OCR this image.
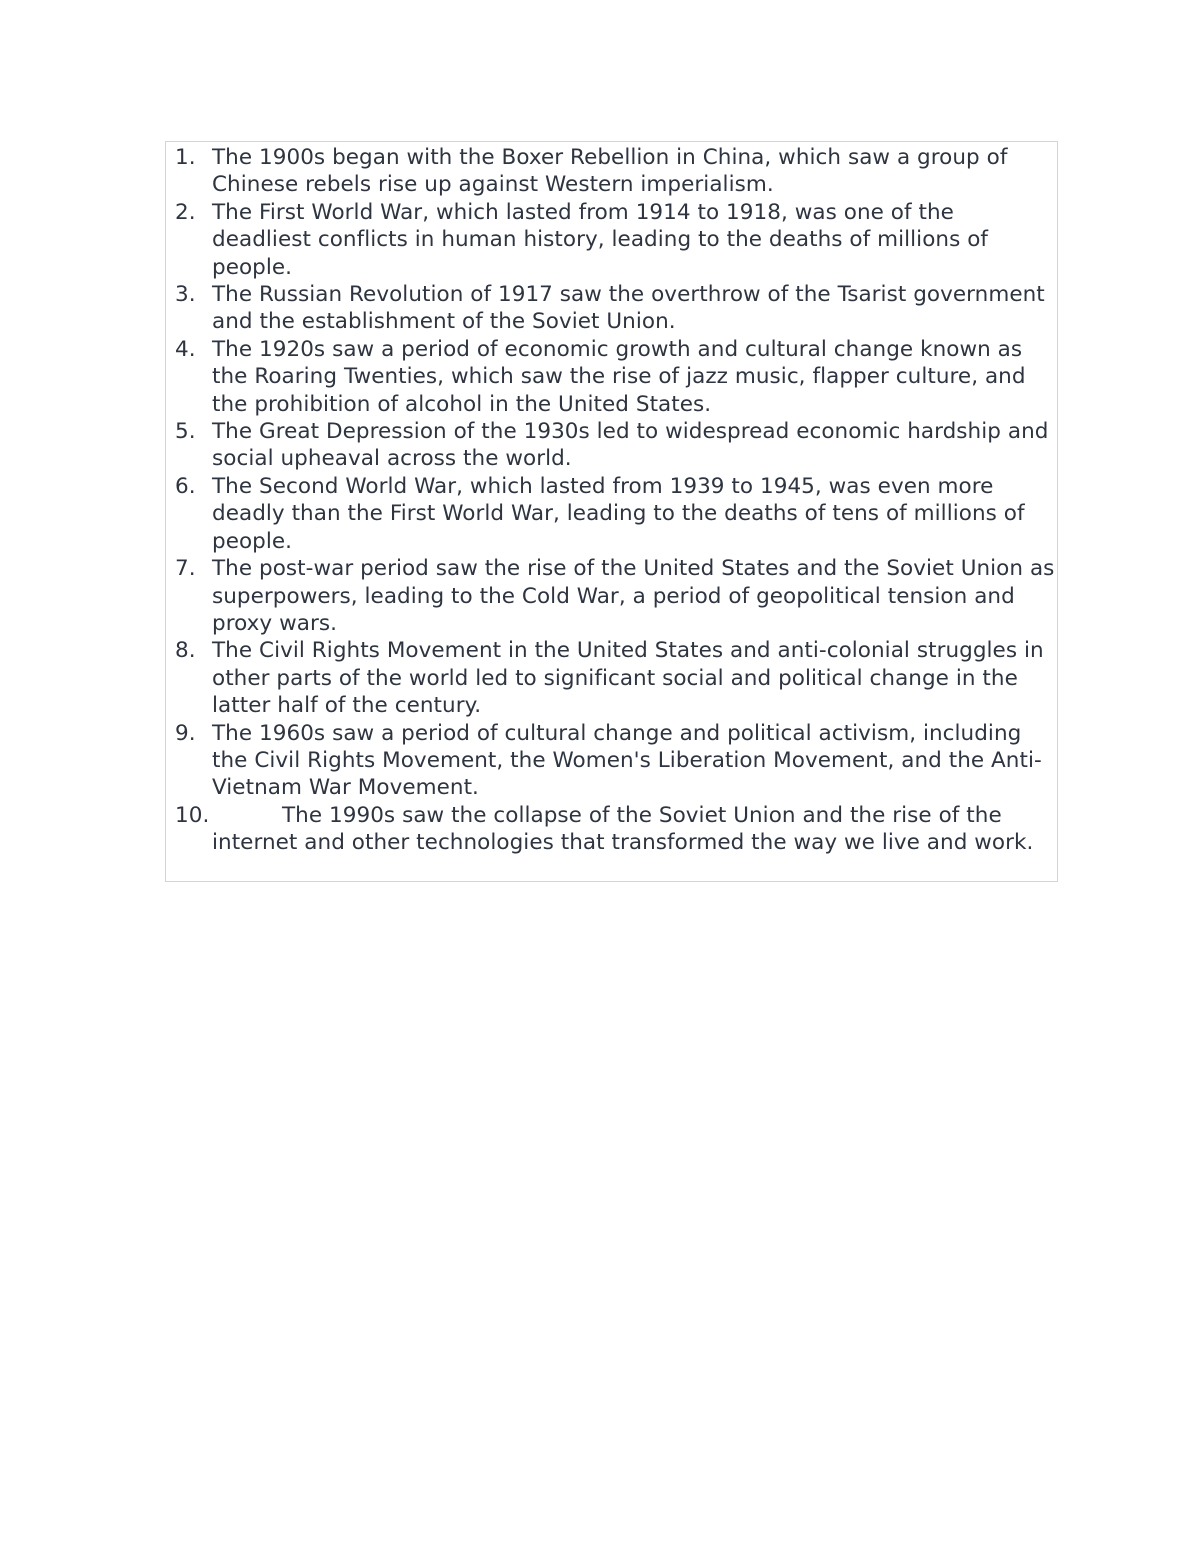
1. The 1900s began with the Boxer Rebellion in China, which saw a group of Chinese rebels rise up against Western imperialism.
2. The First World War, which lasted from 1914 to 1918, was one of the deadliest conflicts in human history, leading to the deaths of millions of people.
3. The Russian Revolution of 1917 saw the overthrow of the Tsarist government and the establishment of the Soviet Union.
4. The 1920s saw a period of economic growth and cultural change known as the Roaring Twenties, which saw the rise of jazz music, flapper culture, and the prohibition of alcohol in the United States.
5. The Great Depression of the 1930s led to widespread economic hardship and social upheaval across the world.
6. The Second World War, which lasted from 1939 to 1945, was even more deadly than the First World War, leading to the deaths of tens of millions of people.
7. The post-war period saw the rise of the United States and the Soviet Union as superpowers, leading to the Cold War, a period of geopolitical tension and proxy wars.
8. The Civil Rights Movement in the United States and anti-colonial struggles in other parts of the world led to significant social and political change in the latter half of the century.
9. The 1960s saw a period of cultural change and political activism, including the Civil Rights Movement, the Women's Liberation Movement, and the Anti-Vietnam War Movement.
10.	The 1990s saw the collapse of the Soviet Union and the rise of the internet and other technologies that transformed the way we live and work.
